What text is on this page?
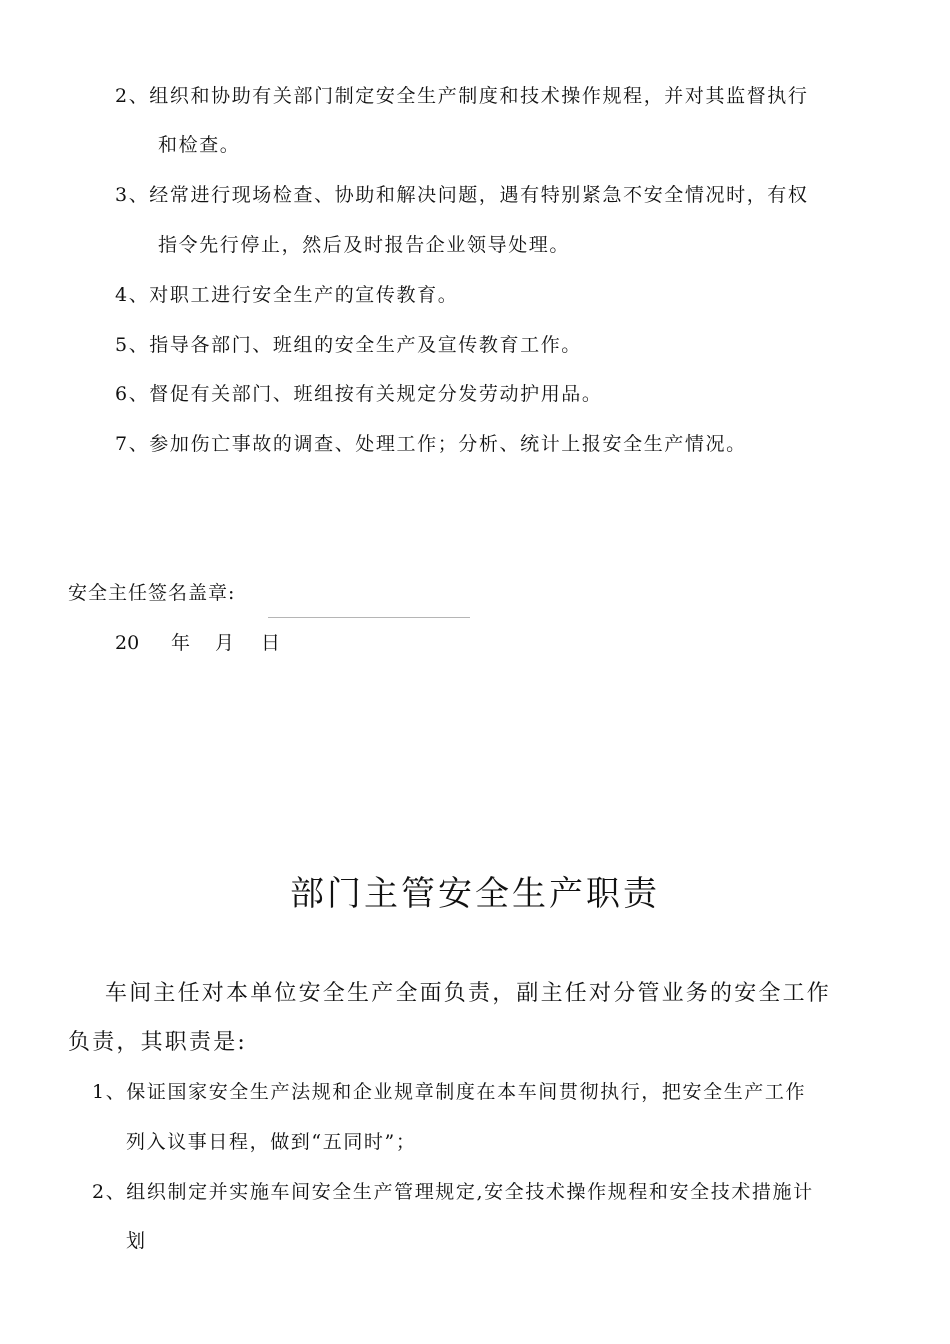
2、组织和协助有关部门制定安全生产制度和技术操作规程，并对其监督执行
和检查。
3、经常进行现场检查、协助和解决问题，遇有特别紧急不安全情况时，有权
指令先行停止，然后及时报告企业领导处理。
4、对职工进行安全生产的宣传教育。
5、指导各部门、班组的安全生产及宣传教育工作。
6、督促有关部门、班组按有关规定分发劳动护用品。
7、参加伤亡事故的调查、处理工作；分析、统计上报安全生产情况。
安全主任签名盖章:
20 年 月 日
部门主管安全生产职责
车间主任对本单位安全生产全面负责，副主任对分管业务的安全工作
负责，其职责是:
1、保证国家安全生产法规和企业规章制度在本车间贯彻执行，把安全生产工作
列入议事日程，做到“五同时”；
2、组织制定并实施车间安全生产管理规定,安全技术操作规程和安全技术措施计
划
